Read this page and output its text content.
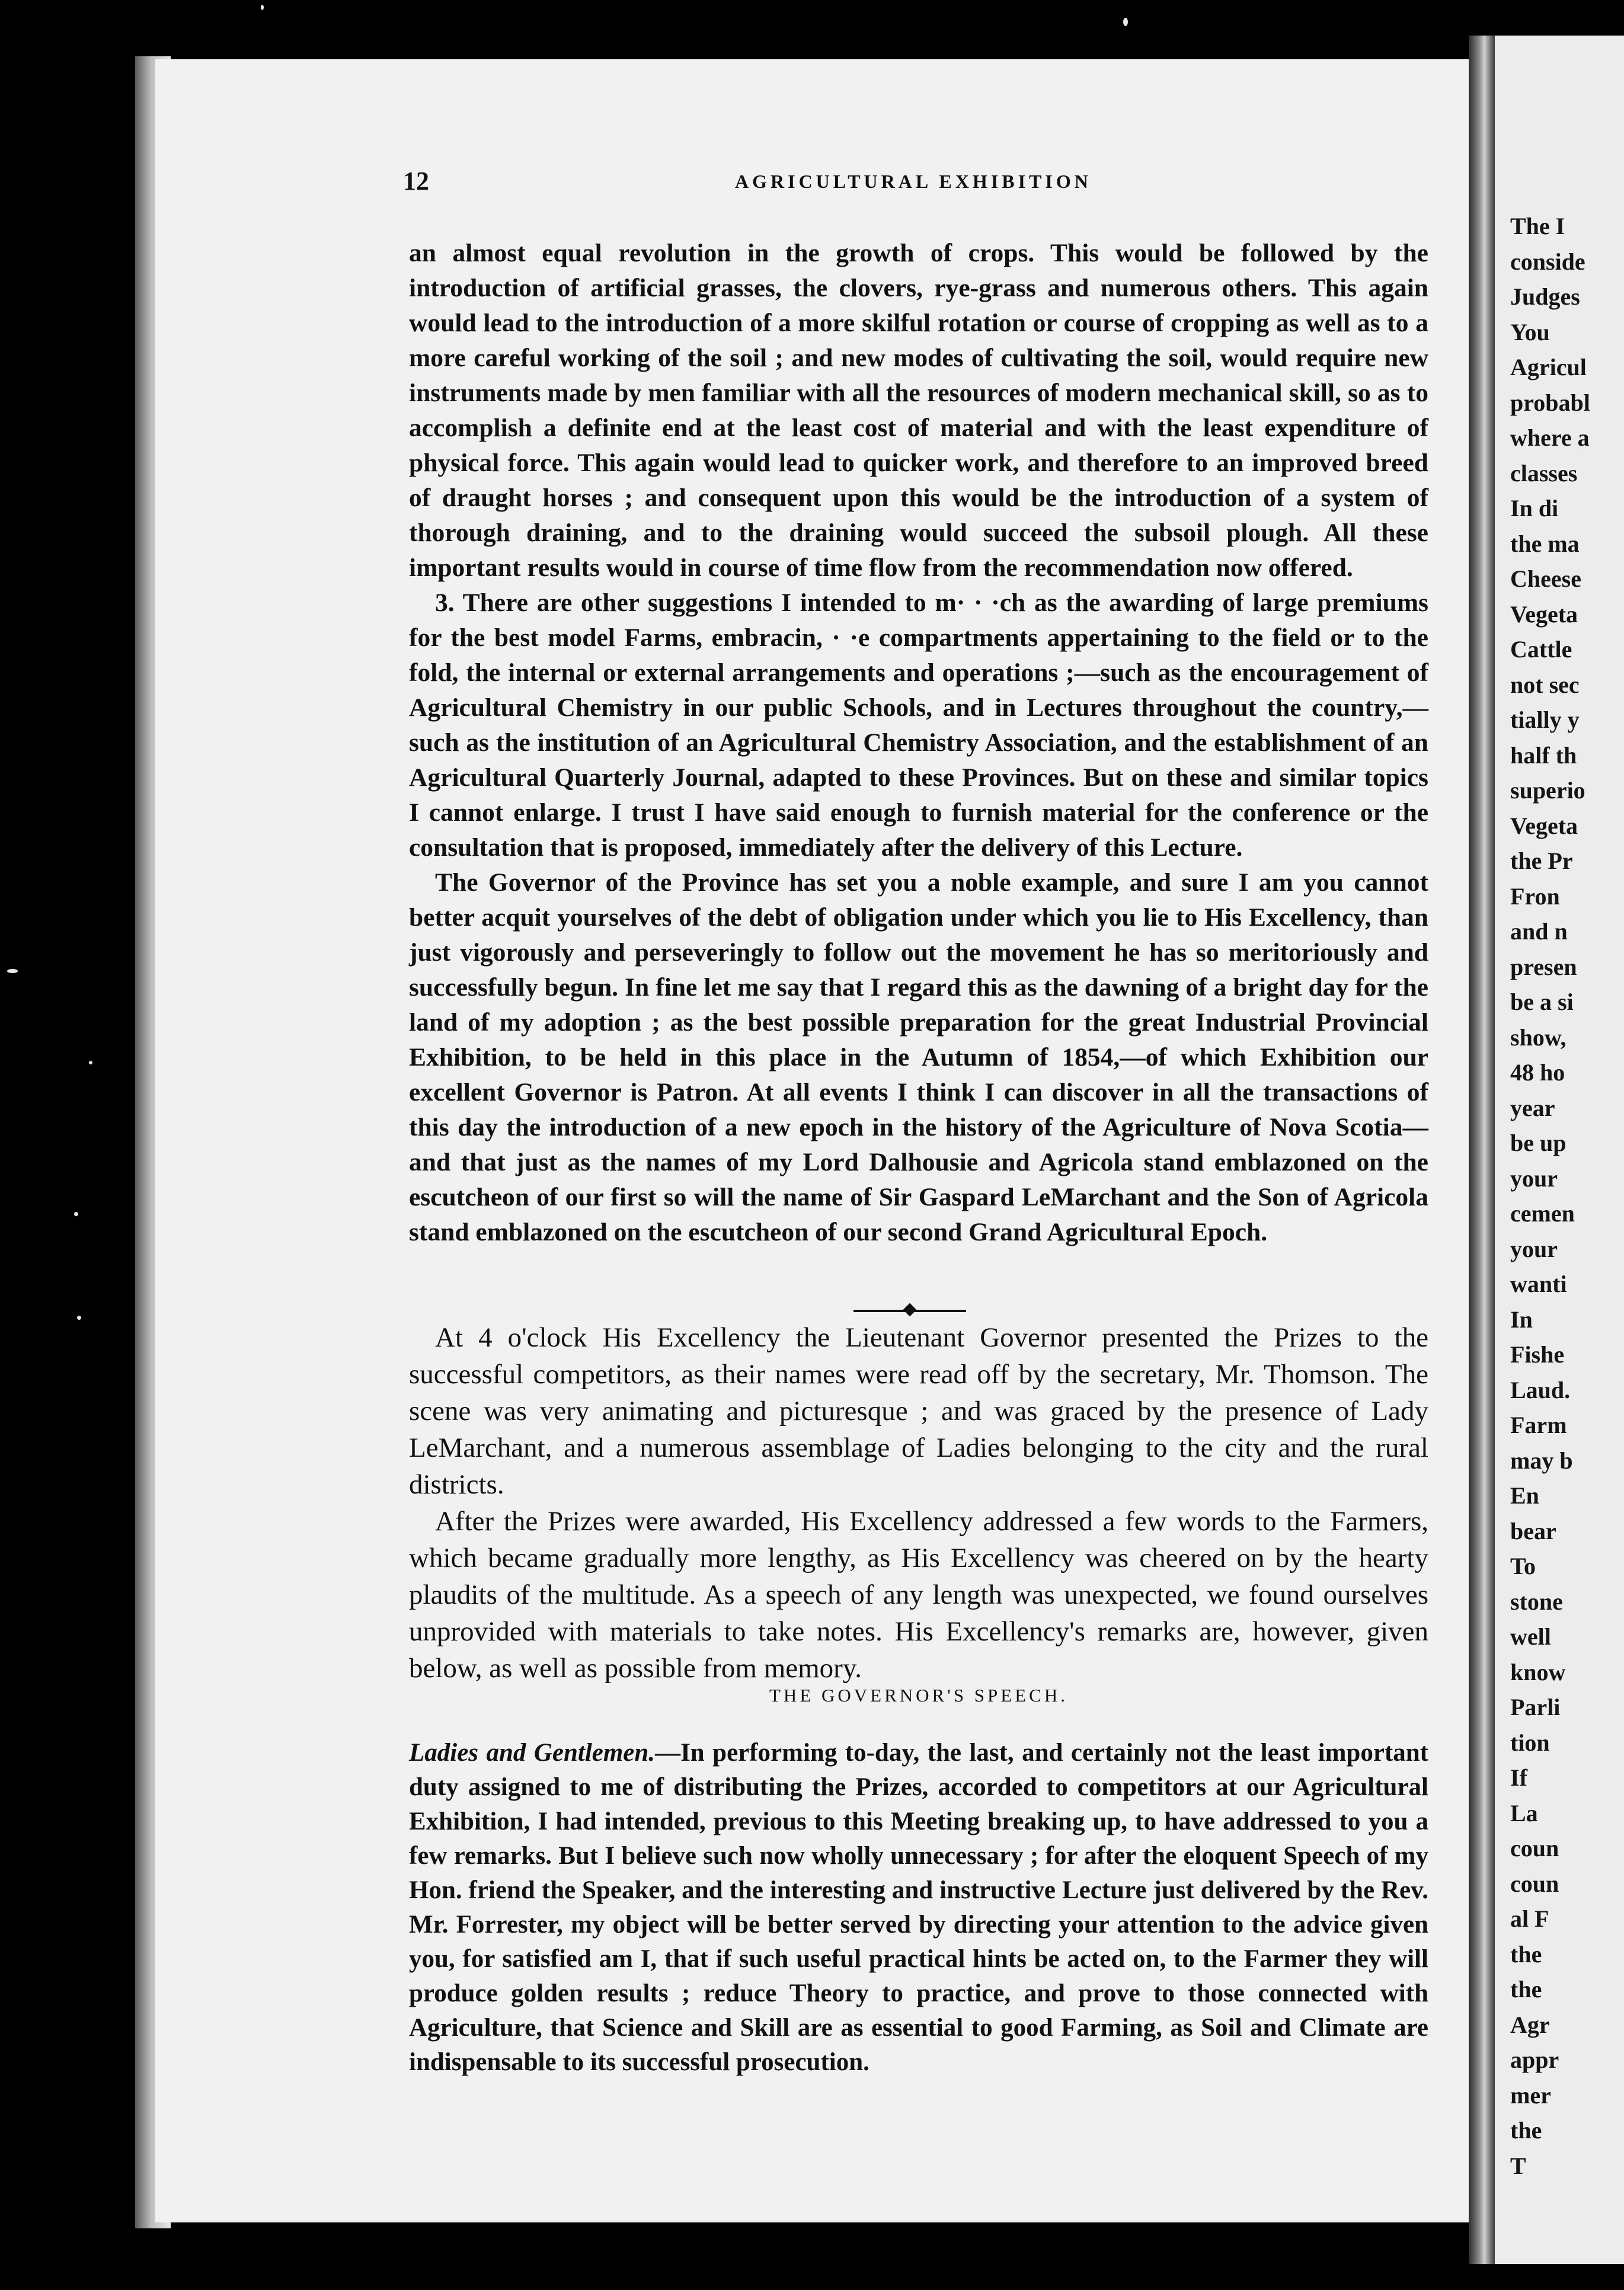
12	AGRICULTURAL EXHIBITION

an almost equal revolution in the growth of crops. This would be followed by the introduction of artificial grasses, the clovers, rye-grass and numerous others. This again would lead to the introduction of a more skilful rotation or course of cropping as well as to a more careful working of the soil ; and new modes of cultivating the soil, would require new instruments made by men familiar with all the resources of modern mechanical skill, so as to accomplish a definite end at the least cost of material and with the least expenditure of physical force. This again would lead to quicker work, and therefore to an improved breed of draught horses ; and consequent upon this would be the introduction of a system of thorough draining, and to the draining would succeed the subsoil plough. All these important results would in course of time flow from the recommendation now offered.

3. There are other suggestions I intended to m· · ·ch as the awarding of large premiums for the best model Farms, embracin, · ·e compartments appertaining to the field or to the fold, the internal or external arrangements and operations ;—such as the encouragement of Agricultural Chemistry in our public Schools, and in Lectures throughout the country,—such as the institution of an Agricultural Chemistry Association, and the establishment of an Agricultural Quarterly Journal, adapted to these Provinces. But on these and similar topics I cannot enlarge. I trust I have said enough to furnish material for the conference or the consultation that is proposed, immediately after the delivery of this Lecture.

The Governor of the Province has set you a noble example, and sure I am you cannot better acquit yourselves of the debt of obligation under which you lie to His Excellency, than just vigorously and perseveringly to follow out the movement he has so meritoriously and successfully begun. In fine let me say that I regard this as the dawning of a bright day for the land of my adoption ; as the best possible preparation for the great Industrial Provincial Exhibition, to be held in this place in the Autumn of 1854,—of which Exhibition our excellent Governor is Patron. At all events I think I can discover in all the transactions of this day the introduction of a new epoch in the history of the Agriculture of Nova Scotia—and that just as the names of my Lord Dalhousie and Agricola stand emblazoned on the escutcheon of our first so will the name of Sir Gaspard LeMarchant and the Son of Agricola stand emblazoned on the escutcheon of our second Grand Agricultural Epoch.

At 4 o'clock His Excellency the Lieutenant Governor presented the Prizes to the successful competitors, as their names were read off by the secretary, Mr. Thomson. The scene was very animating and picturesque ; and was graced by the presence of Lady LeMarchant, and a numerous assemblage of Ladies belonging to the city and the rural districts.

After the Prizes were awarded, His Excellency addressed a few words to the Farmers, which became gradually more lengthy, as His Excellency was cheered on by the hearty plaudits of the multitude. As a speech of any length was unexpected, we found ourselves unprovided with materials to take notes. His Excellency's remarks are, however, given below, as well as possible from memory.

THE GOVERNOR'S SPEECH.

Ladies and Gentlemen.—In performing to-day, the last, and certainly not the least important duty assigned to me of distributing the Prizes, accorded to competitors at our Agricultural Exhibition, I had intended, previous to this Meeting breaking up, to have addressed to you a few remarks. But I believe such now wholly unnecessary ; for after the eloquent Speech of my Hon. friend the Speaker, and the interesting and instructive Lecture just delivered by the Rev. Mr. Forrester, my object will be better served by directing your attention to the advice given you, for satisfied am I, that if such useful practical hints be acted on, to the Farmer they will produce golden results ; reduce Theory to practice, and prove to those connected with Agriculture, that Science and Skill are as essential to good Farming, as Soil and Climate are indispensable to its successful prosecution.

The I
conside
Judges
You
Agricul
probabl
where a
classes
In di
the ma
Cheese
Vegeta
Cattle
not sec
tially y
half th
superio
Vegeta
the Pr
Fron
and n
presen
be a si
show,
48 ho
year
be up
your
cemen
your
wanti
In
Fishe
Laud.
Farm
may b
En
bear
To
stone
well
know
Parli
tion
If
La
coun
coun
al F
the
the
Agr
appr
mer
the
T
